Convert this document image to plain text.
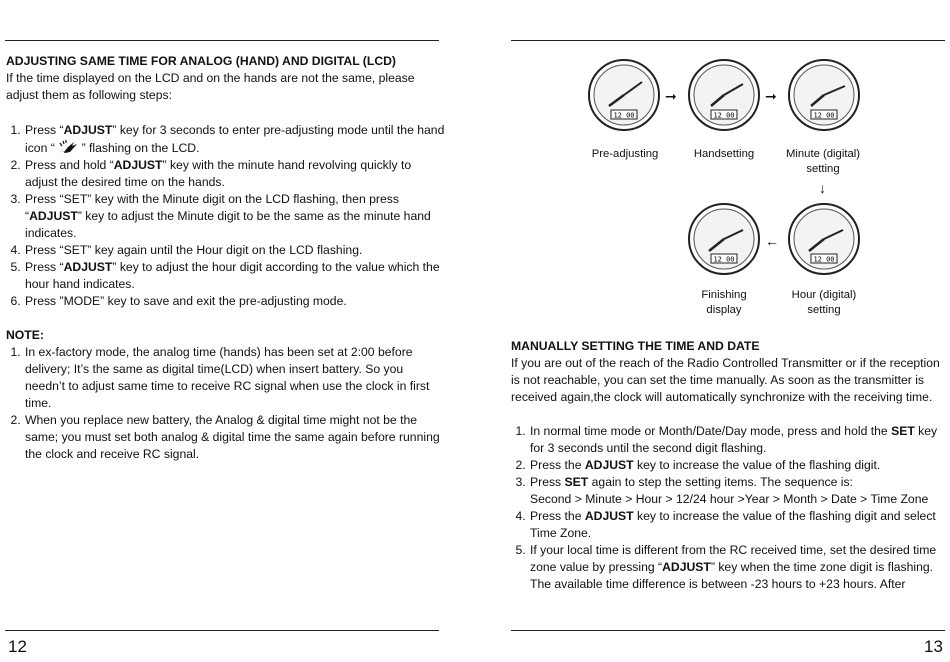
ADJUSTING SAME TIME FOR ANALOG (HAND) AND DIGITAL (LCD)
If the time displayed on the LCD and on the hands are not the same, please adjust them as following steps:
1. Press “ADJUST” key for 3 seconds to enter pre-adjusting mode until the hand icon “  ” flashing on the LCD.
2. Press and hold “ADJUST” key with the minute hand revolving quickly to adjust the desired time on the hands.
3. Press “SET” key with the Minute digit on the LCD flashing, then press “ADJUST” key to adjust the Minute digit to be the same as the minute hand indicates.
4. Press “SET” key again until the Hour digit on the LCD flashing.
5. Press “ADJUST” key to adjust the hour digit according to the value which the hour hand indicates.
6. Press ”MODE” key to save and exit the pre-adjusting mode.
NOTE:
1. In ex-factory mode, the analog time (hands) has been set at 2:00 before delivery; It’s the same as digital time(LCD) when insert battery. So you needn’t to adjust same time to receive RC signal when use the clock in first time.
2. When you replace new battery, the Analog & digital time might not be the same; you must set both analog & digital time the same again before running the clock and receive RC signal.
12
12 00
➞
12 00
➞
12 00
↓
12 00
←
12 00
Pre-adjusting	Handsetting	Minute (digital) setting
Finishing display
Hour (digital) setting
MANUALLY SETTING THE TIME AND DATE
If you are out of the reach of the Radio Controlled Transmitter or if the reception is not reachable, you can set the time manually. As soon as the transmitter is received again,the clock will automatically synchronize with the receiving time.
1. In normal time mode or Month/Date/Day mode, press and hold the SET key for 3 seconds until the second digit flashing.
2. Press the ADJUST key to increase the value of the flashing digit.
3. Press SET again to step the setting items. The sequence is:
Second > Minute > Hour > 12/24 hour >Year > Month > Date > Time Zone
4. Press the ADJUST key to increase the value of the flashing digit and select Time Zone.
5. If your local time is different from the RC received time, set the desired time zone value by pressing “ADJUST” key when the time zone digit is flashing. The available time difference is between -23 hours to +23 hours. After
13
